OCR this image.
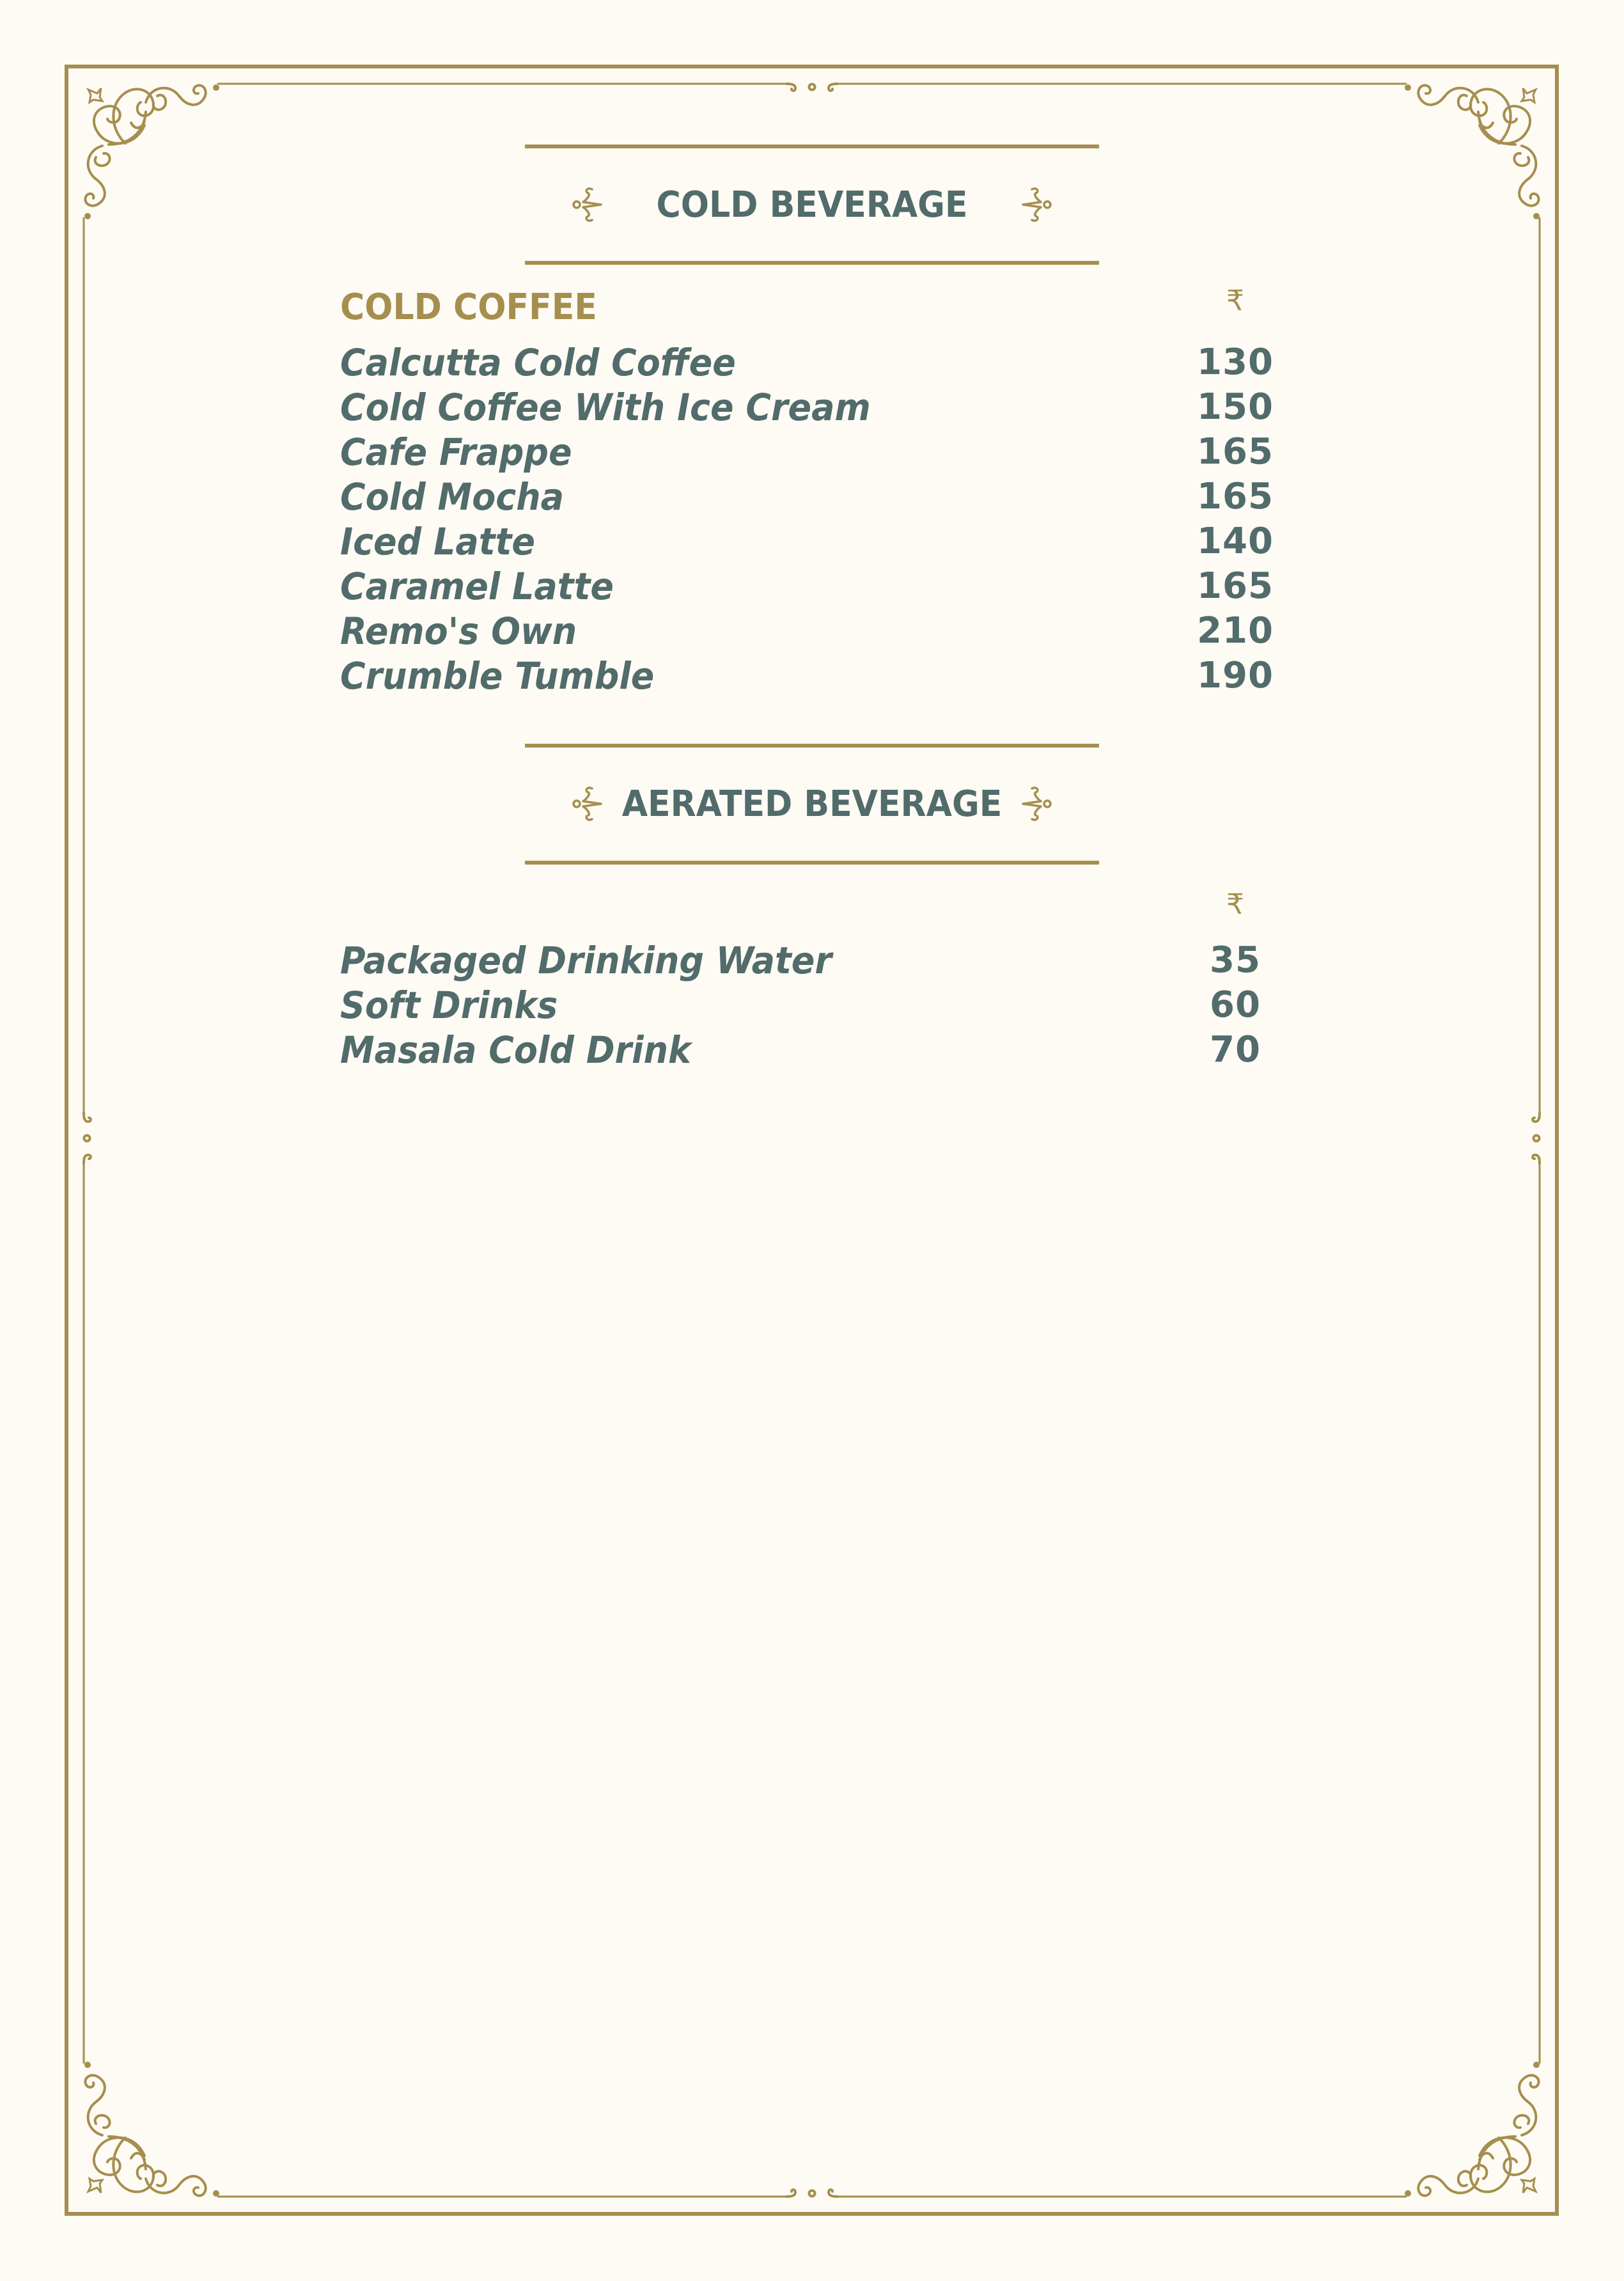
COLD BEVERAGE
COLD COFFEE	₹
Calcutta Cold Coffee	130
Cold Coffee With Ice Cream	150
Cafe Frappe	165
Cold Mocha	165
Iced Latte	140
Caramel Latte	165
Remo's Own	210
Crumble Tumble	190
AERATED BEVERAGE
₹
Packaged Drinking Water	35
Soft Drinks	60
Masala Cold Drink	70
